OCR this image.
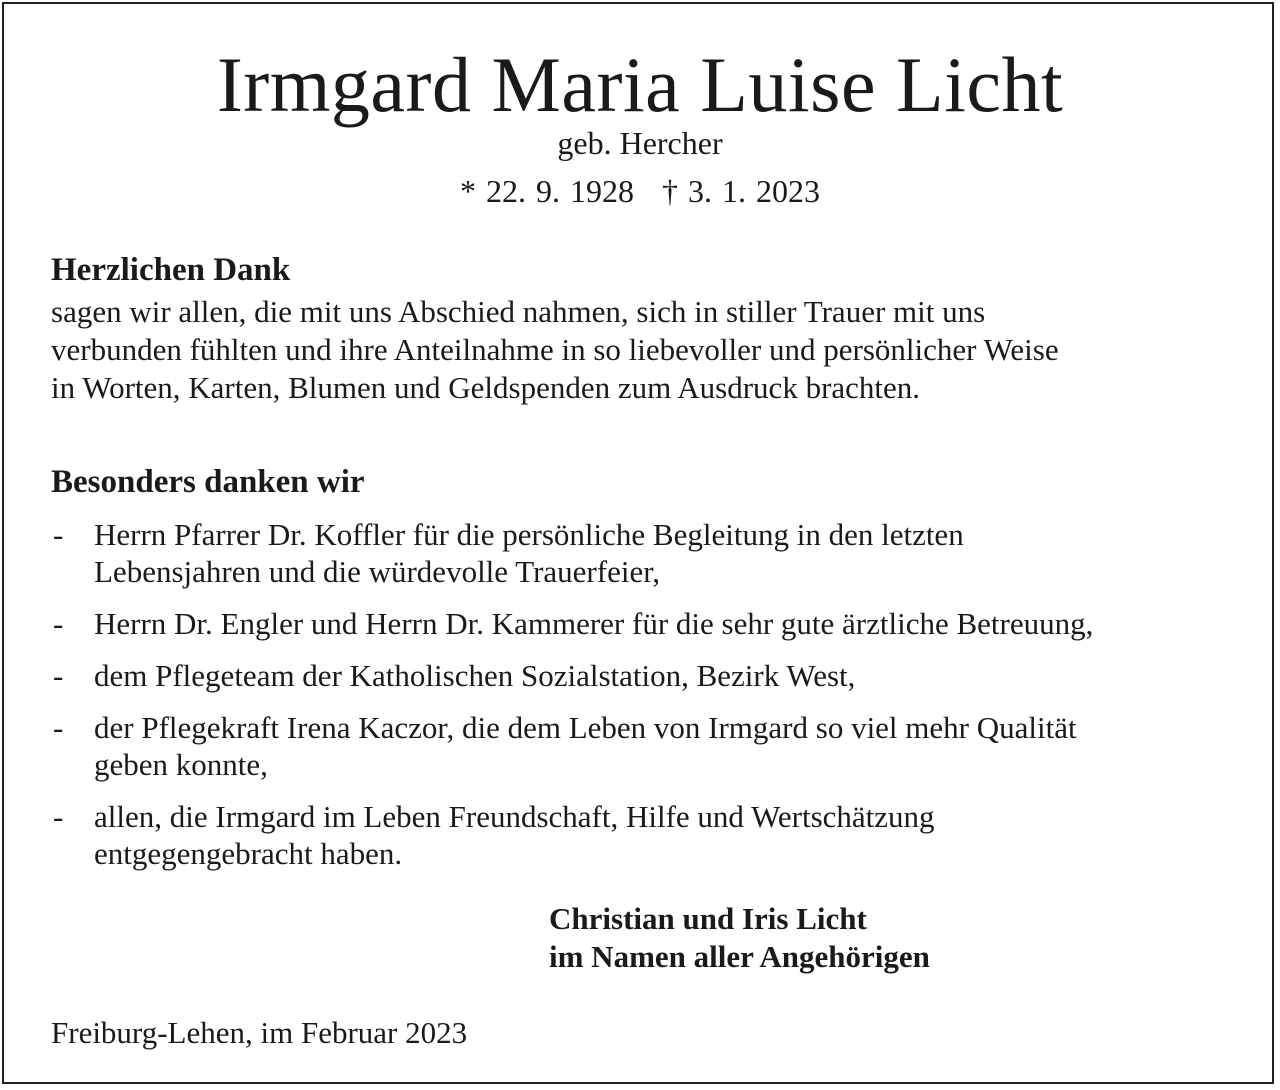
Irmgard Maria Luise Licht
geb. Hercher
* 22. 9. 1928 † 3. 1. 2023
Herzlichen Dank
sagen wir allen, die mit uns Abschied nahmen, sich in stiller Trauer mit uns
verbunden fühlten und ihre Anteilnahme in so liebevoller und persönlicher Weise
in Worten, Karten, Blumen und Geldspenden zum Ausdruck brachten.
Besonders danken wir
- Herrn Pfarrer Dr. Koffler für die persönliche Begleitung in den letzten
Lebensjahren und die würdevolle Trauerfeier,
- Herrn Dr. Engler und Herrn Dr. Kammerer für die sehr gute ärztliche Betreuung,
- dem Pflegeteam der Katholischen Sozialstation, Bezirk West,
- der Pflegekraft Irena Kaczor, die dem Leben von Irmgard so viel mehr Qualität
geben konnte,
- allen, die Irmgard im Leben Freundschaft, Hilfe und Wertschätzung
entgegengebracht haben.
Christian und Iris Licht
im Namen aller Angehörigen
Freiburg-Lehen, im Februar 2023
